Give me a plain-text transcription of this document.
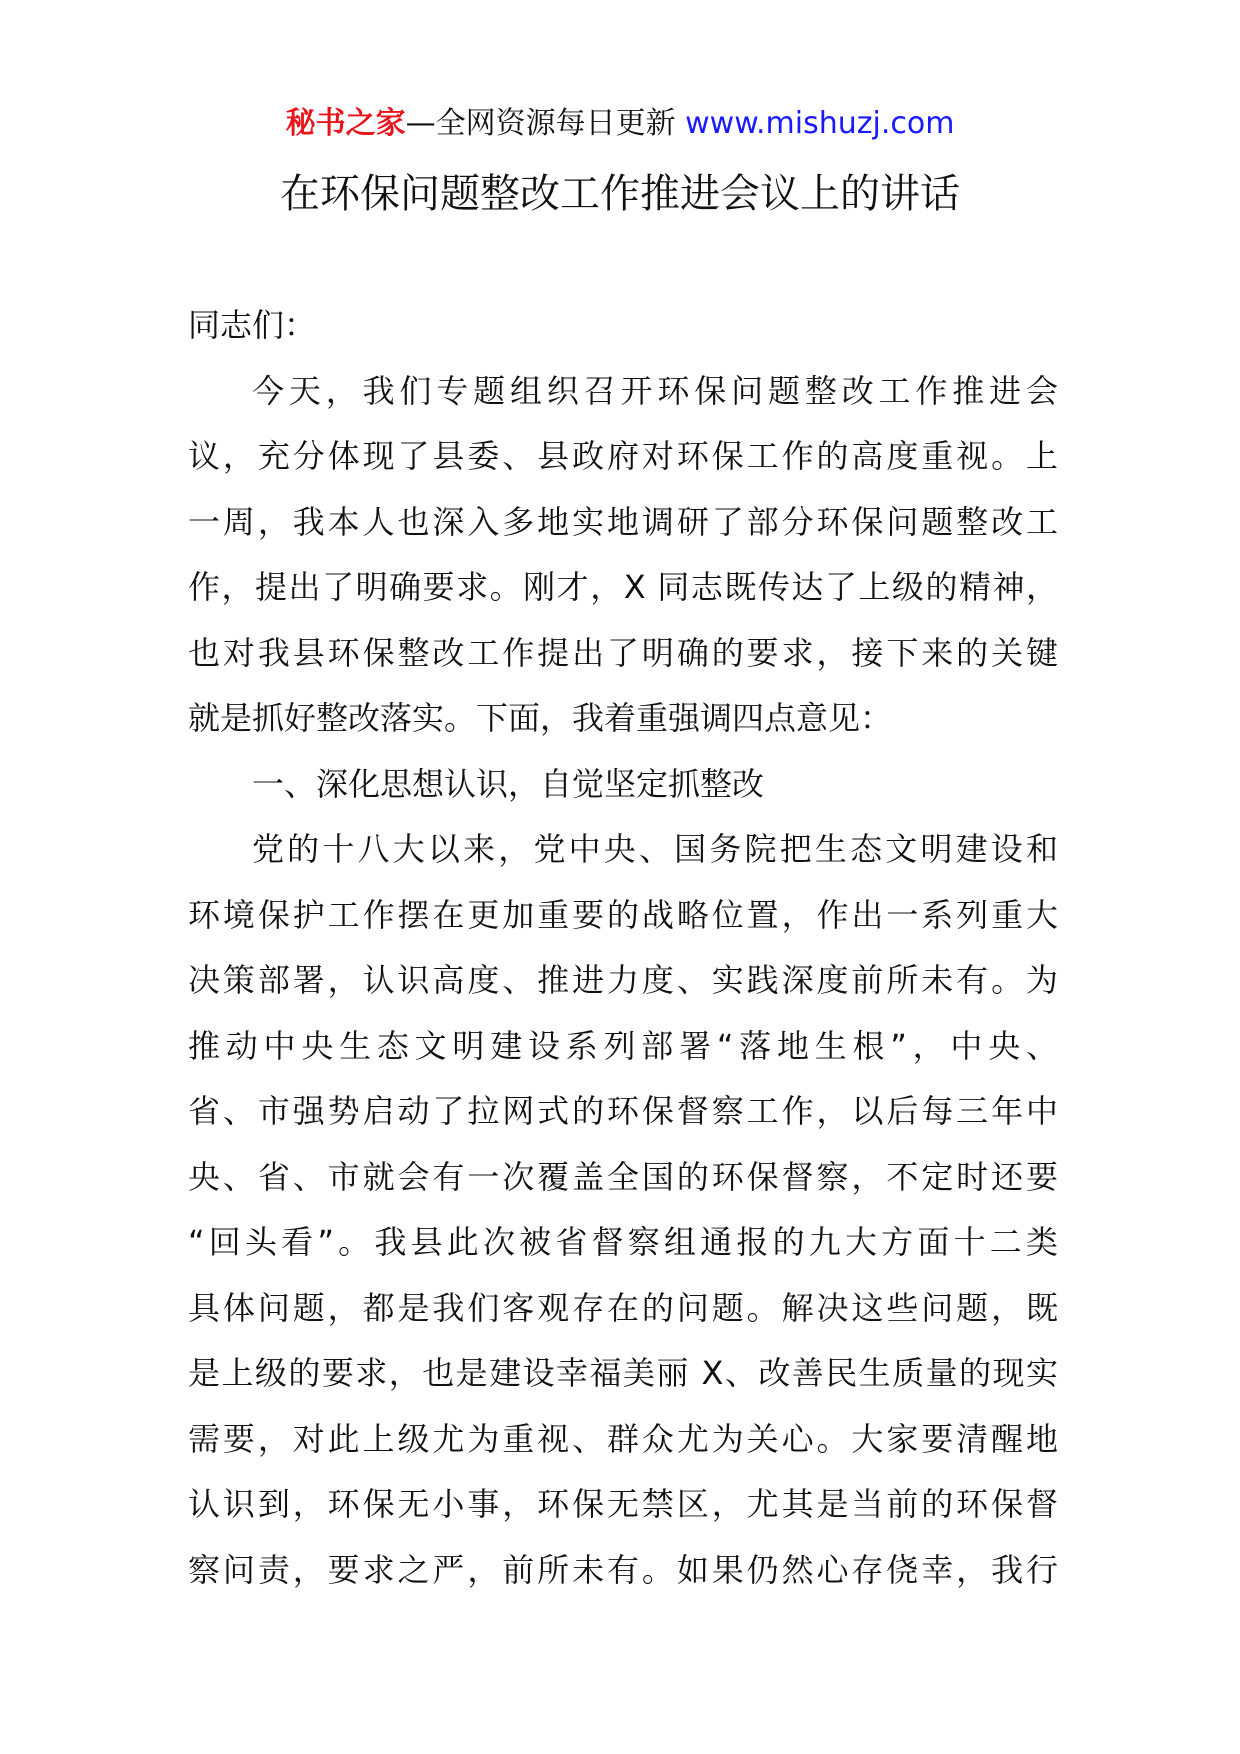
秘书之家—全网资源每日更新 www.mishuzj.com
在环保问题整改工作推进会议上的讲话

同志们：

今天，我们专题组织召开环保问题整改工作推进会
议，充分体现了县委、县政府对环保工作的高度重视。上
一周，我本人也深入多地实地调研了部分环保问题整改工
作，提出了明确要求。刚才，X 同志既传达了上级的精神，
也对我县环保整改工作提出了明确的要求，接下来的关键
就是抓好整改落实。下面，我着重强调四点意见：

一、深化思想认识，自觉坚定抓整改

党的十八大以来，党中央、国务院把生态文明建设和
环境保护工作摆在更加重要的战略位置，作出一系列重大
决策部署，认识高度、推进力度、实践深度前所未有。为
推动中央生态文明建设系列部署“落地生根”，中央、
省、市强势启动了拉网式的环保督察工作，以后每三年中
央、省、市就会有一次覆盖全国的环保督察，不定时还要
“回头看”。我县此次被省督察组通报的九大方面十二类
具体问题，都是我们客观存在的问题。解决这些问题，既
是上级的要求，也是建设幸福美丽 X、改善民生质量的现实
需要，对此上级尤为重视、群众尤为关心。大家要清醒地
认识到，环保无小事，环保无禁区，尤其是当前的环保督
察问责，要求之严，前所未有。如果仍然心存侥幸，我行
